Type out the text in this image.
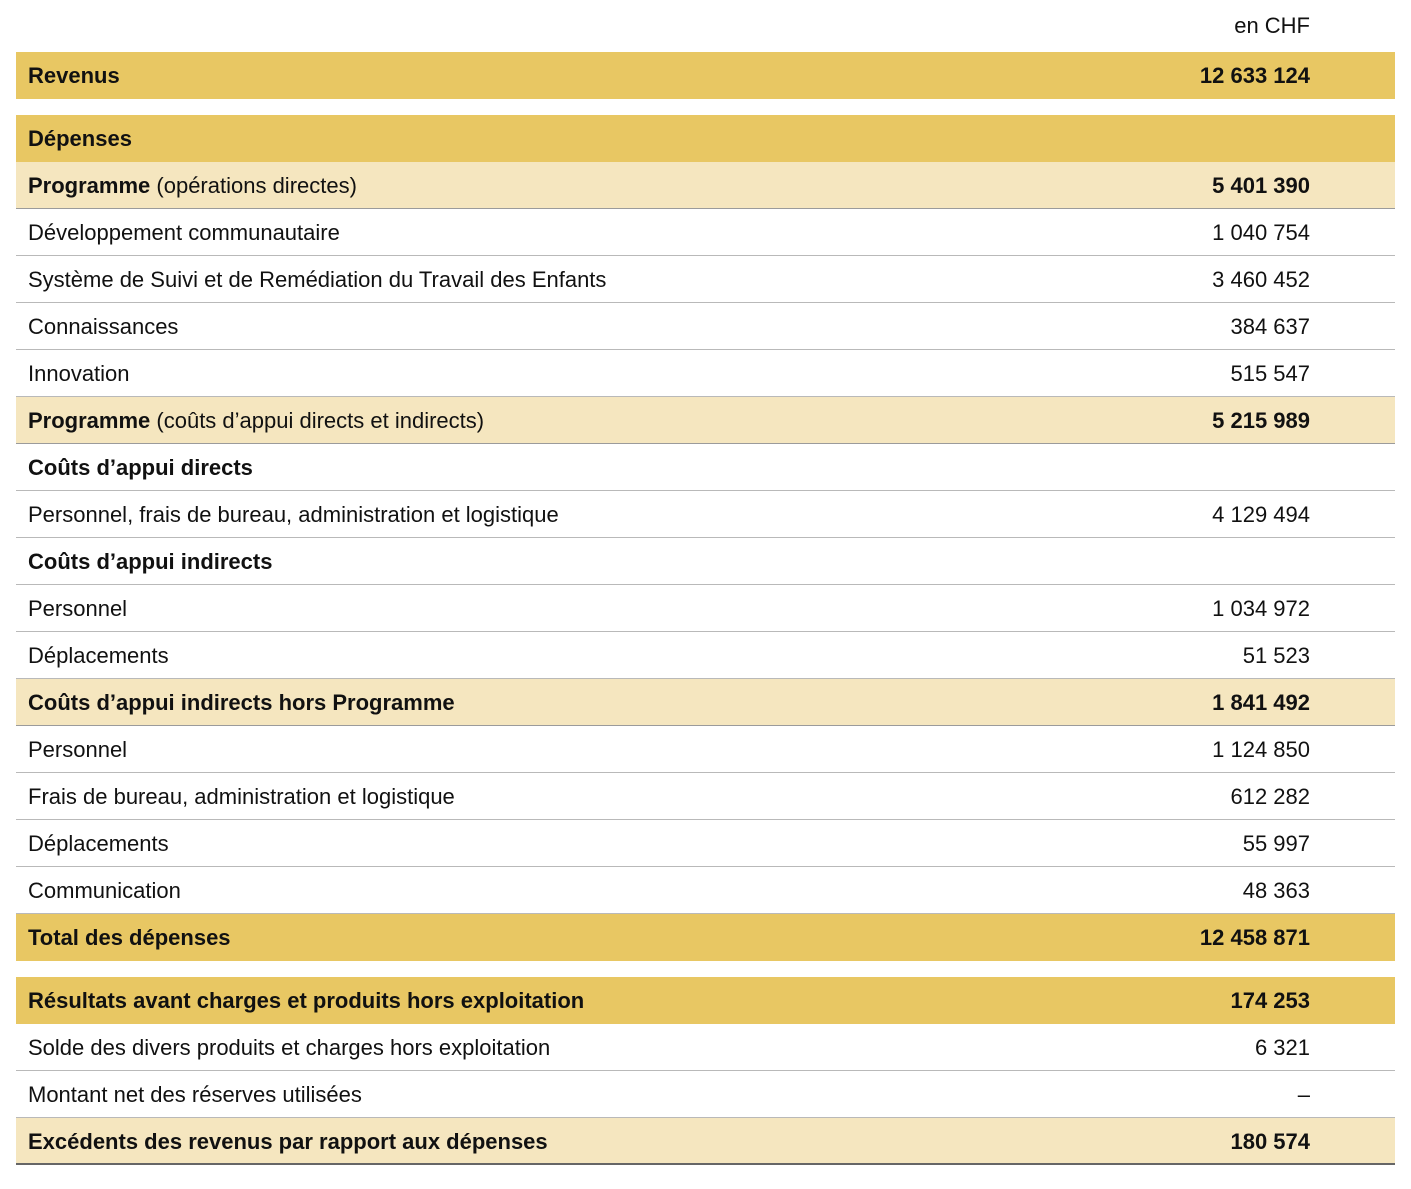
en CHF
Revenus	12 633 124
Dépenses
Programme (opérations directes)	5 401 390
Développement communautaire	1 040 754
Système de Suivi et de Remédiation du Travail des Enfants	3 460 452
Connaissances	384 637
Innovation	515 547
Programme (coûts d’appui directs et indirects)	5 215 989
Coûts d’appui directs
Personnel, frais de bureau, administration et logistique	4 129 494
Coûts d’appui indirects
Personnel	1 034 972
Déplacements	51 523
Coûts d’appui indirects hors Programme	1 841 492
Personnel	1 124 850
Frais de bureau, administration et logistique	612 282
Déplacements	55 997
Communication	48 363
Total des dépenses	12 458 871
Résultats avant charges et produits hors exploitation	174 253
Solde des divers produits et charges hors exploitation	6 321
Montant net des réserves utilisées	–
Excédents des revenus par rapport aux dépenses	180 574
